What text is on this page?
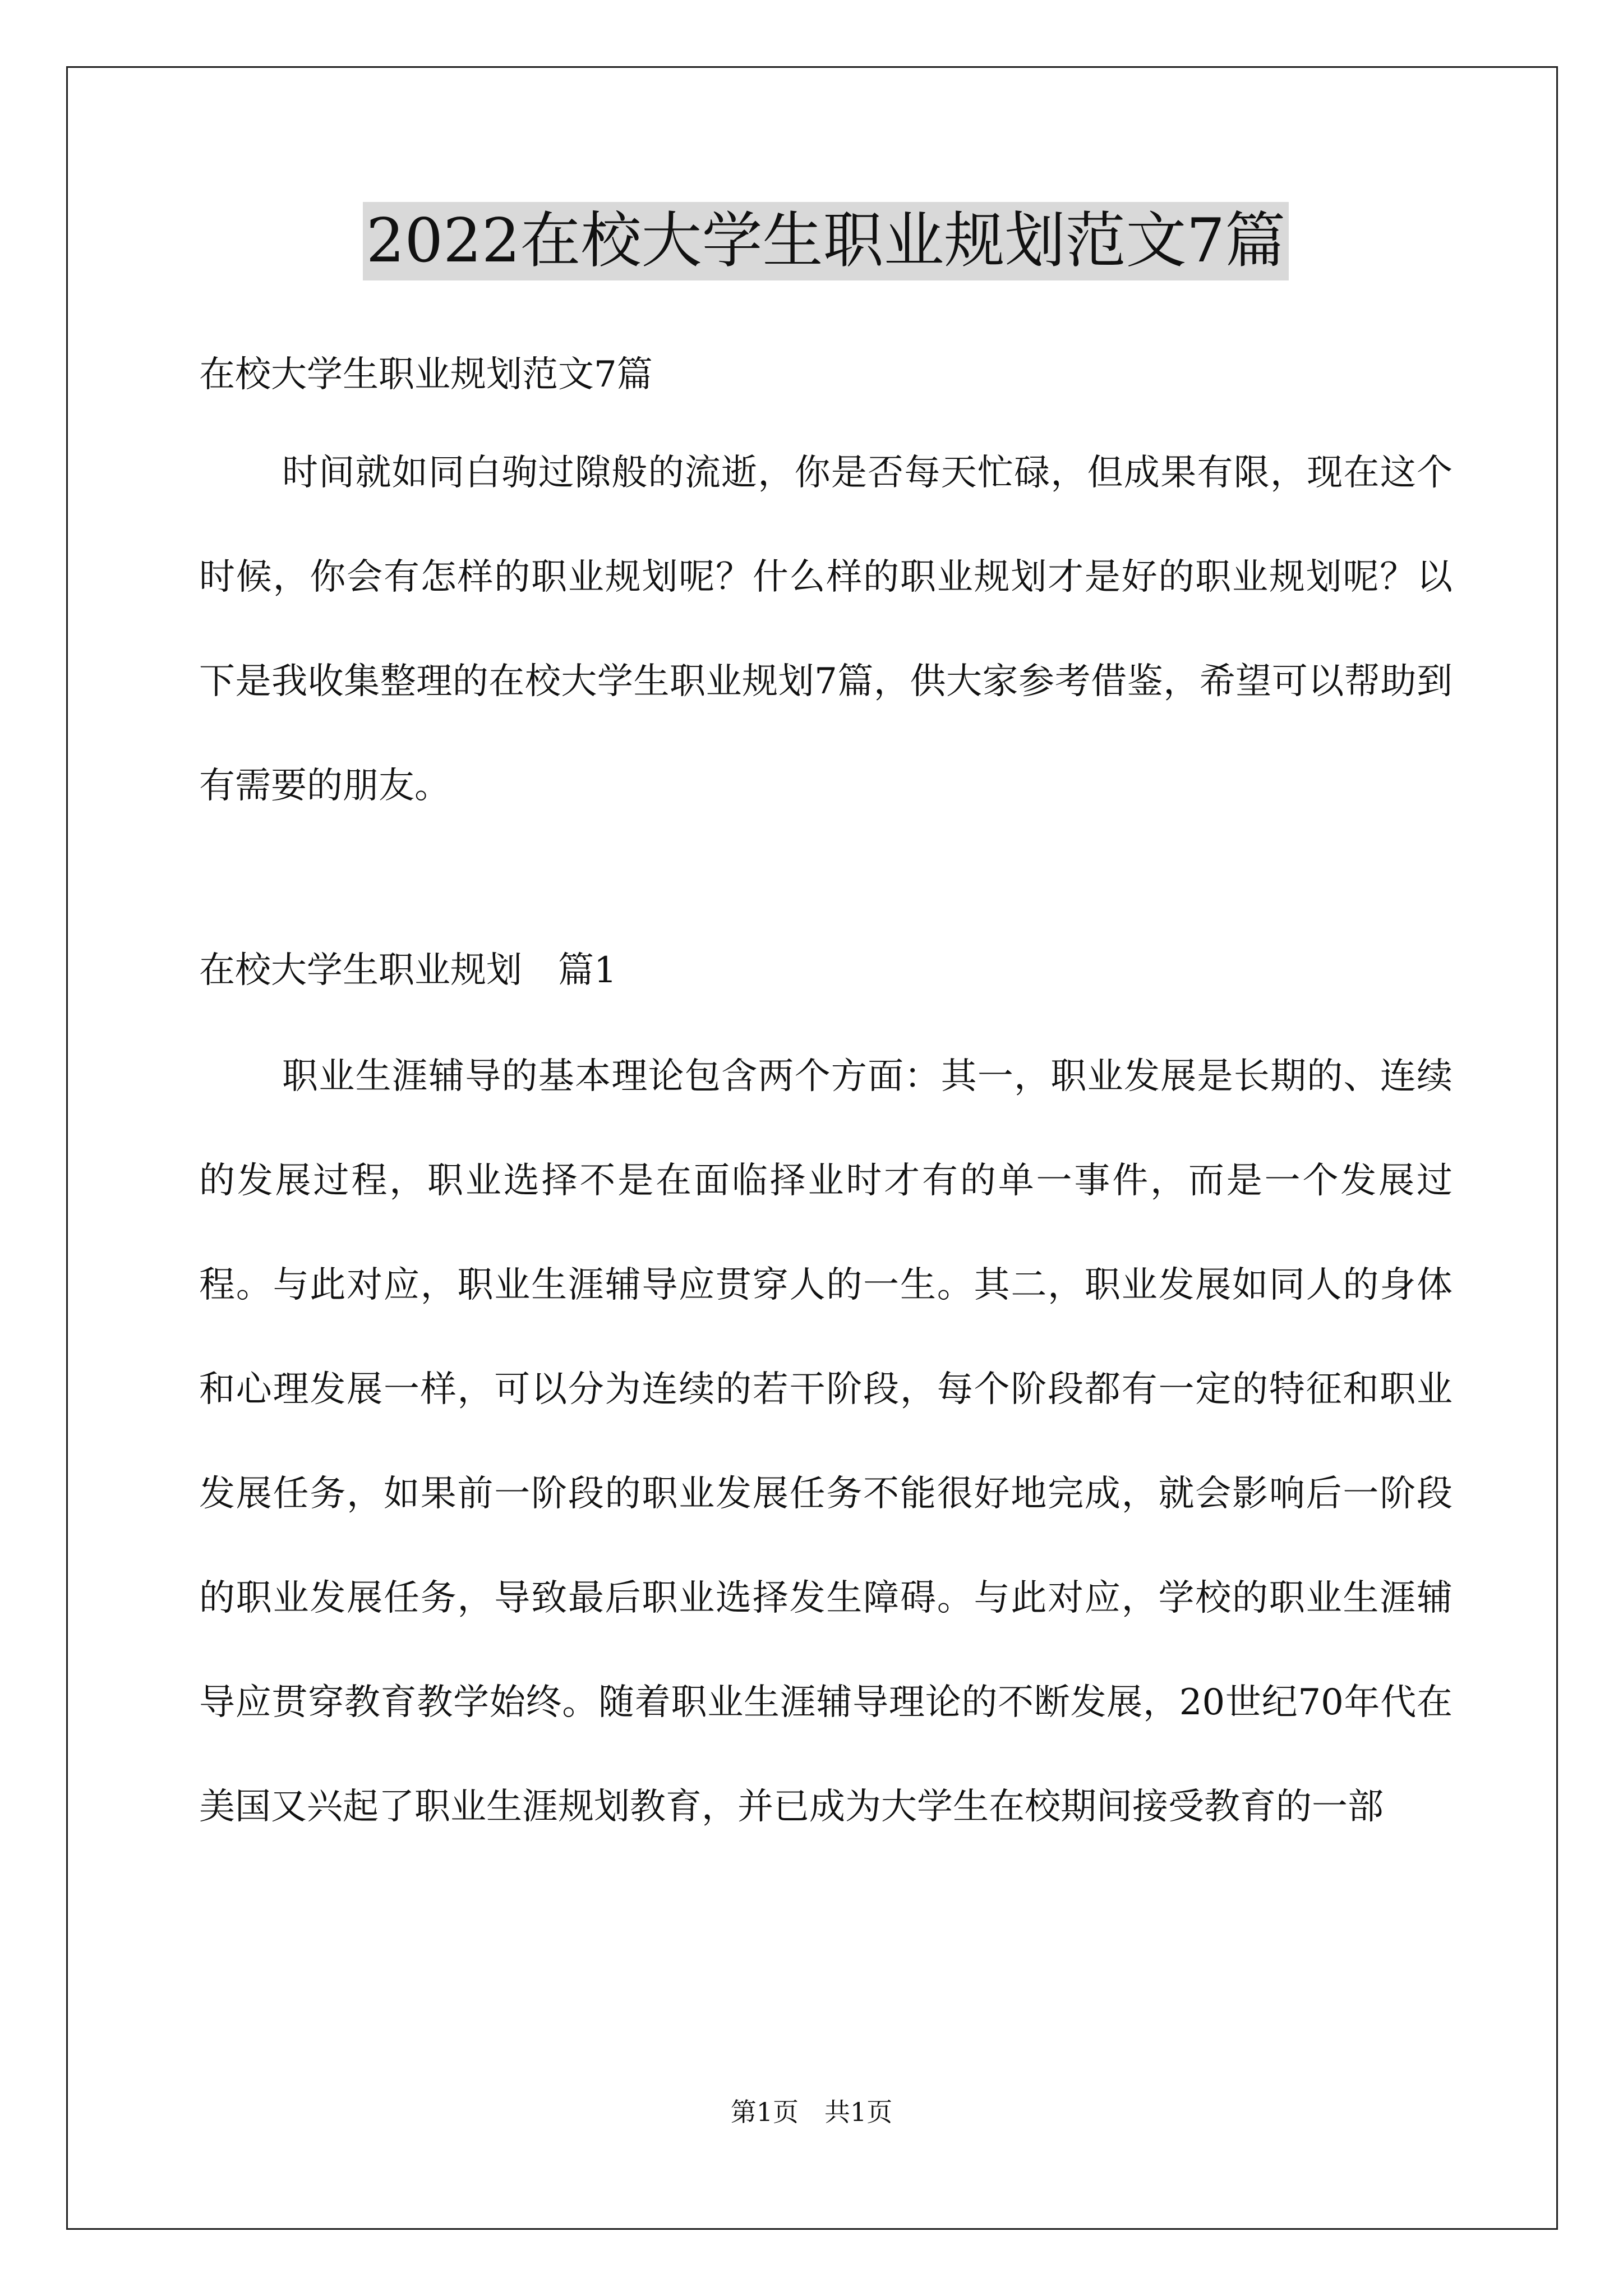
2022在校大学生职业规划范文7篇
在校大学生职业规划范文7篇

时间就如同白驹过隙般的流逝，你是否每天忙碌，但成果有限，现在这个时候，你会有怎样的职业规划呢？什么样的职业规划才是好的职业规划呢？以下是我收集整理的在校大学生职业规划7篇，供大家参考借鉴，希望可以帮助到有需要的朋友。

在校大学生职业规划　篇1

职业生涯辅导的基本理论包含两个方面：其一，职业发展是长期的、连续的发展过程，职业选择不是在面临择业时才有的单一事件，而是一个发展过程。与此对应，职业生涯辅导应贯穿人的一生。其二，职业发展如同人的身体和心理发展一样，可以分为连续的若干阶段，每个阶段都有一定的特征和职业发展任务，如果前一阶段的职业发展任务不能很好地完成，就会影响后一阶段的职业发展任务，导致最后职业选择发生障碍。与此对应，学校的职业生涯辅导应贯穿教育教学始终。随着职业生涯辅导理论的不断发展，20世纪70年代在美国又兴起了职业生涯规划教育，并已成为大学生在校期间接受教育的一部

第1页　共1页
